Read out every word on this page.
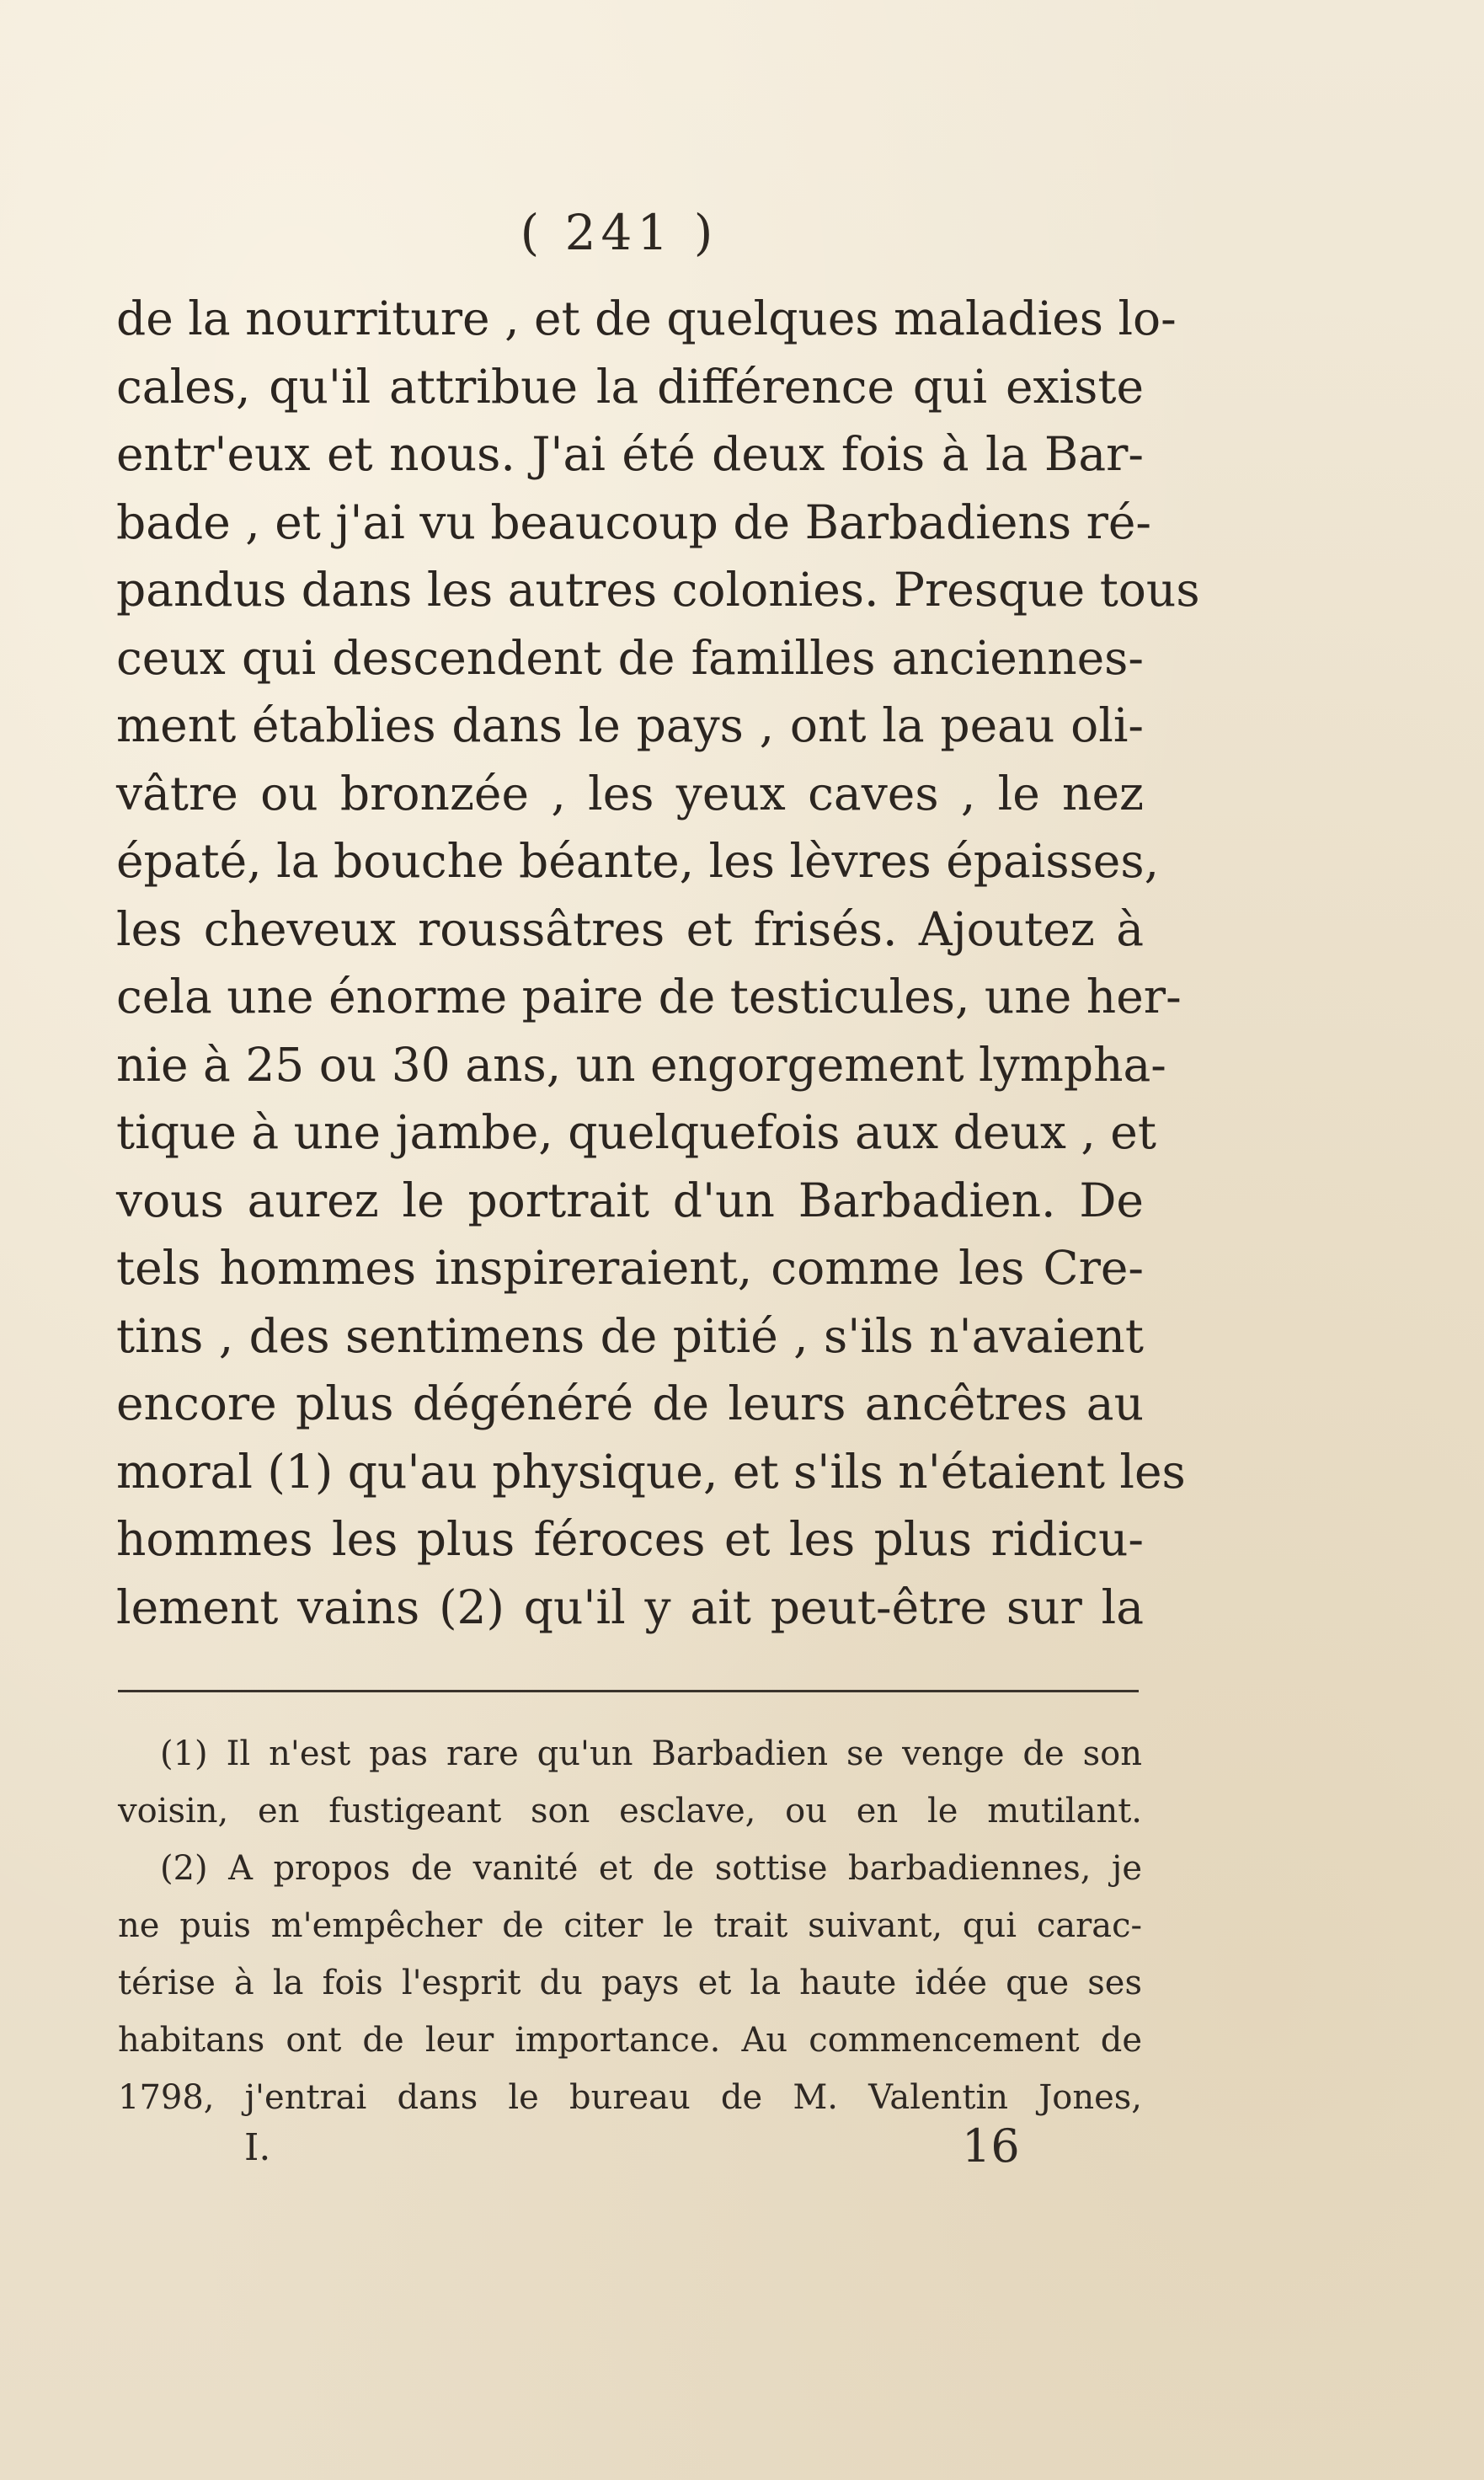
( 241 )
de la nourriture , et de quelques maladies lo-
cales, qu'il attribue la différence qui existe
entr'eux et nous. J'ai été deux fois à la Bar-
bade , et j'ai vu beaucoup de Barbadiens ré-
pandus dans les autres colonies. Presque tous
ceux qui descendent de familles anciennes-
ment établies dans le pays , ont la peau oli-
vâtre ou bronzée , les yeux caves , le nez
épaté, la bouche béante, les lèvres épaisses,
les cheveux roussâtres et frisés. Ajoutez à
cela une énorme paire de testicules, une her-
nie à 25 ou 30 ans, un engorgement lympha-
tique à une jambe, quelquefois aux deux , et
vous aurez le portrait d'un Barbadien. De
tels hommes inspireraient, comme les Cre-
tins , des sentimens de pitié , s'ils n'avaient
encore plus dégénéré de leurs ancêtres au
moral (1) qu'au physique, et s'ils n'étaient les
hommes les plus féroces et les plus ridicu-
lement vains (2) qu'il y ait peut-être sur la
(1) Il n'est pas rare qu'un Barbadien se venge de son
voisin, en fustigeant son esclave, ou en le mutilant.
(2) A propos de vanité et de sottise barbadiennes, je
ne puis m'empêcher de citer le trait suivant, qui carac-
térise à la fois l'esprit du pays et la haute idée que ses
habitans ont de leur importance. Au commencement de
1798, j'entrai dans le bureau de M. Valentin Jones,
I.	16
